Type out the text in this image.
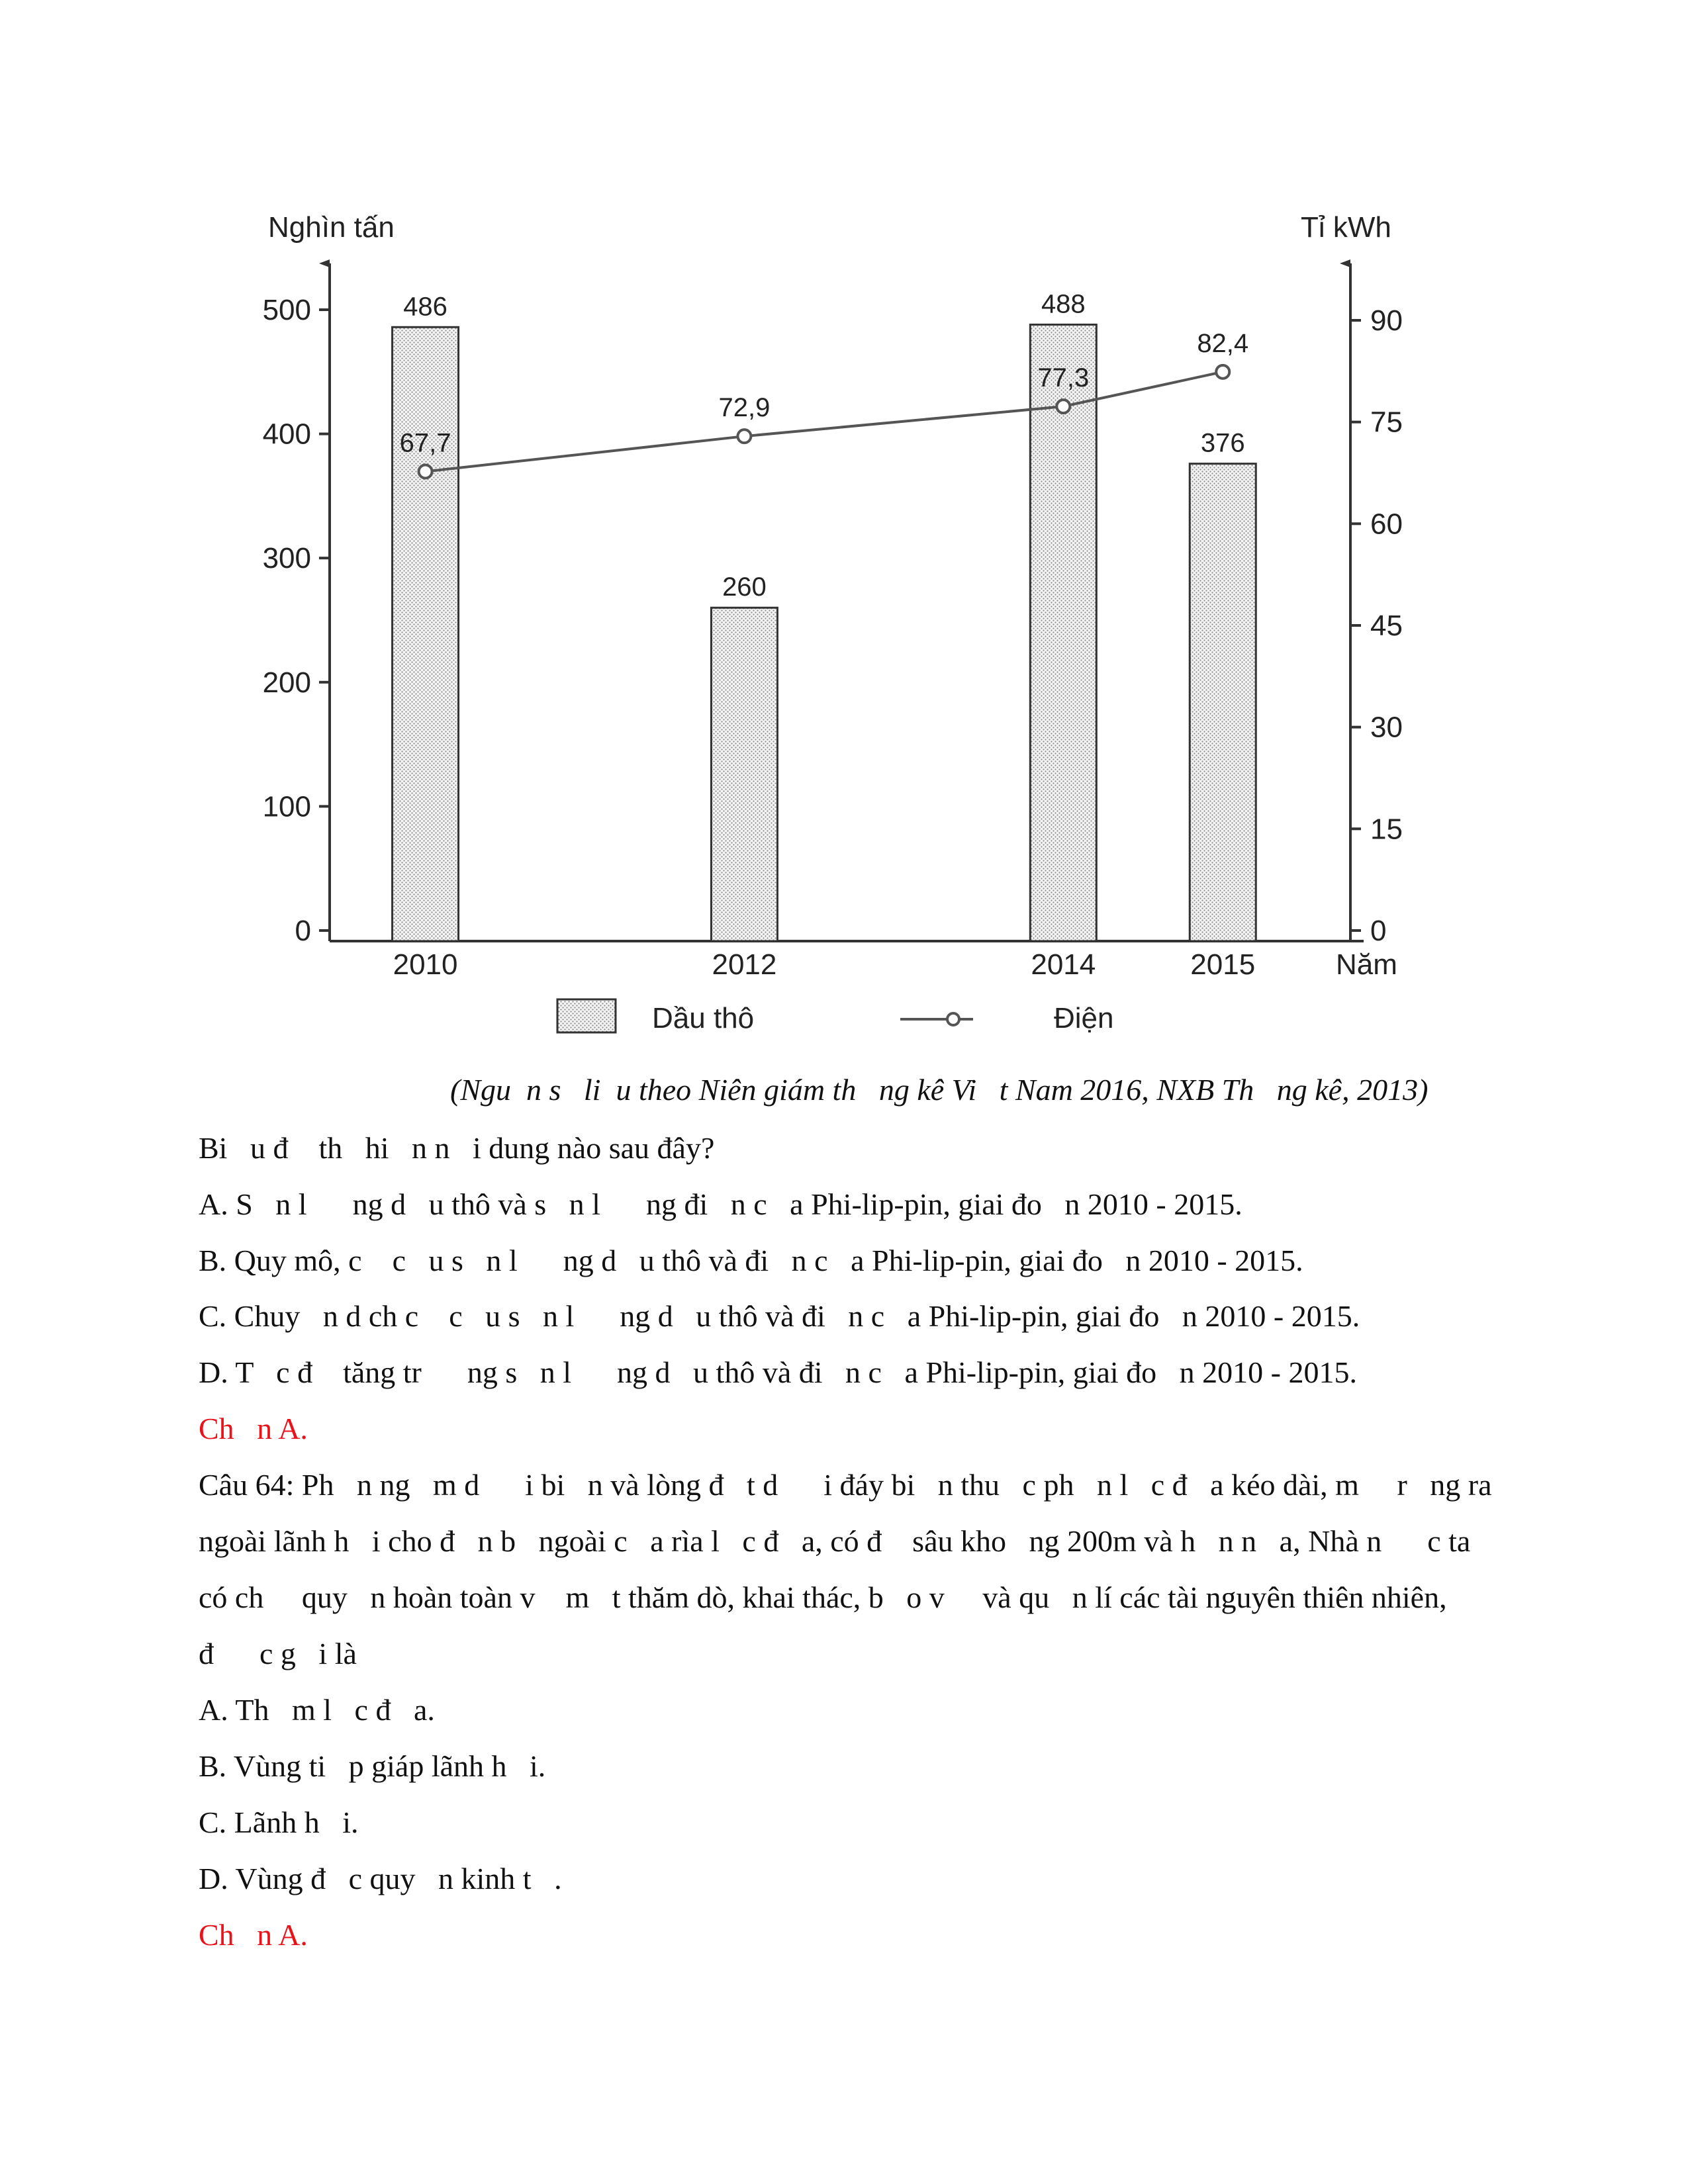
Nghìn tấn	Tỉ kWh
Năm
0
100
200
300
400
500
0
15
30
45
60
75
90
486
260
488
376
67,7
72,9
77,3
82,4
2010	2012	2014	2015
Dầu thô	Điện
(Ngu  n s   li  u theo Niên giám th   ng kê Vi   t Nam 2016, NXB Th   ng kê, 2013)
Bi   u đ    th   hi   n n   i dung nào sau đây?
A. S   n l      ng d   u thô và s   n l      ng đi   n c   a Phi-lip-pin, giai đo   n 2010 - 2015.
B. Quy mô, c    c   u s   n l      ng d   u thô và đi   n c   a Phi-lip-pin, giai đo   n 2010 - 2015.
C. Chuy   n d ch c    c   u s   n l      ng d   u thô và đi   n c   a Phi-lip-pin, giai đo   n 2010 - 2015.
D. T   c đ    tăng tr      ng s   n l      ng d   u thô và đi   n c   a Phi-lip-pin, giai đo   n 2010 - 2015.
Ch   n A.
Câu 64: Ph   n ng   m d      i bi   n và lòng đ   t d      i đáy bi   n thu   c ph   n l   c đ   a kéo dài, m     r   ng ra
ngoài lãnh h   i cho đ   n b   ngoài c   a rìa l   c đ   a, có đ    sâu kho   ng 200m và h   n n   a, Nhà n      c ta
có ch     quy   n hoàn toàn v    m   t thăm dò, khai thác, b   o v     và qu   n lí các tài nguyên thiên nhiên,
đ      c g   i là
A. Th   m l   c đ   a.
B. Vùng ti   p giáp lãnh h   i.
C. Lãnh h   i.
D. Vùng đ   c quy   n kinh t   .
Ch   n A.
